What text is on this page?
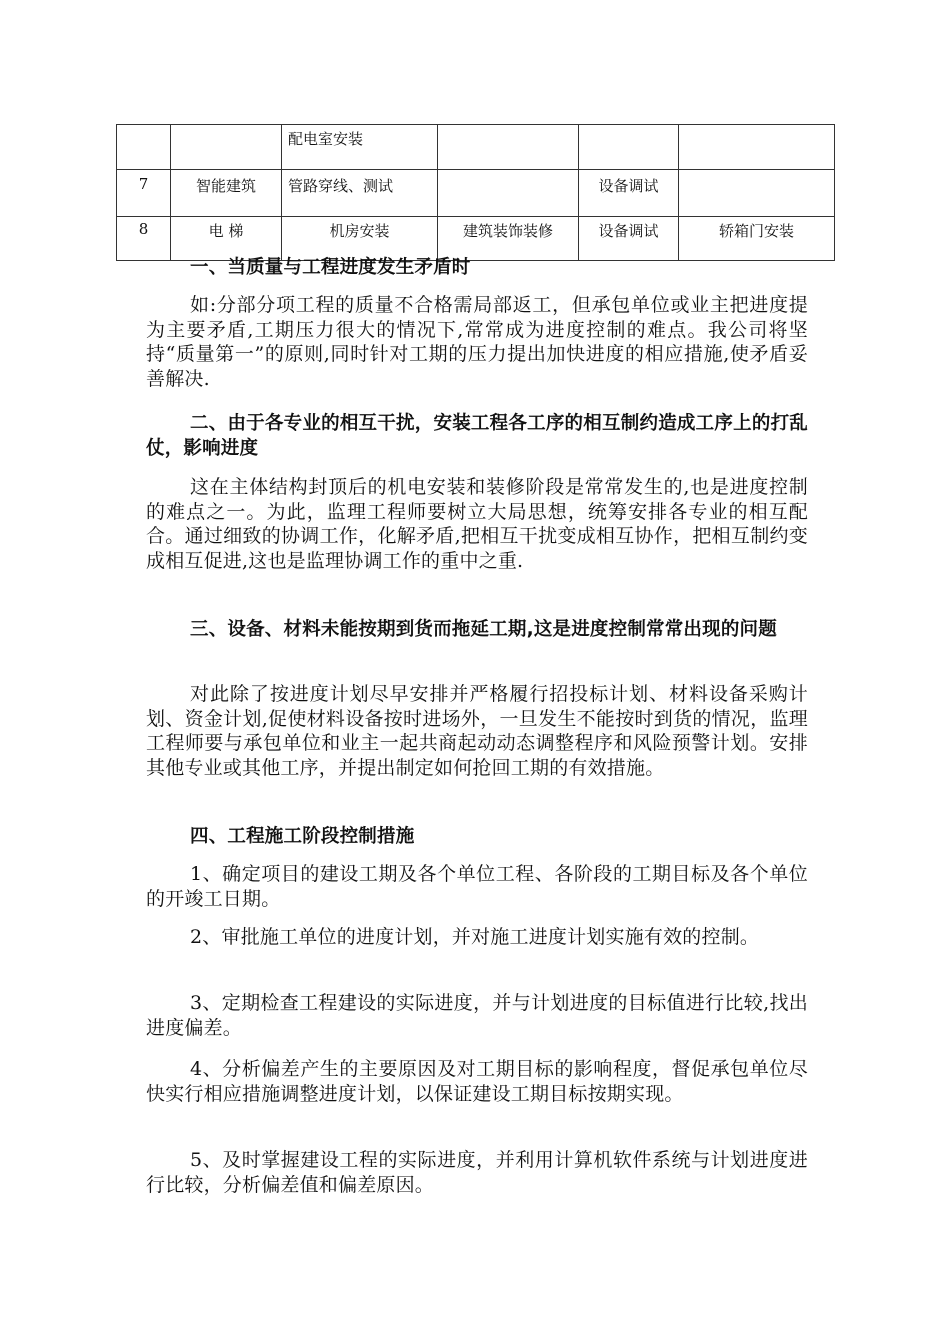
		配电室安装			
7	智能建筑	管路穿线、测试		设备调试	
8	电 梯	机房安装	建筑装饰装修	设备调试	轿箱门安装

一、当质量与工程进度发生矛盾时

如:分部分项工程的质量不合格需局部返工，但承包单位或业主把进度提为主要矛盾,工期压力很大的情况下,常常成为进度控制的难点。我公司将坚持“质量第一”的原则,同时针对工期的压力提出加快进度的相应措施,使矛盾妥善解决.

二、由于各专业的相互干扰，安装工程各工序的相互制约造成工序上的打乱仗，影响进度

这在主体结构封顶后的机电安装和装修阶段是常常发生的,也是进度控制的难点之一。为此，监理工程师要树立大局思想，统筹安排各专业的相互配合。通过细致的协调工作，化解矛盾,把相互干扰变成相互协作，把相互制约变成相互促进,这也是监理协调工作的重中之重.

三、设备、材料未能按期到货而拖延工期,这是进度控制常常出现的问题

对此除了按进度计划尽早安排并严格履行招投标计划、材料设备采购计划、资金计划,促使材料设备按时进场外，一旦发生不能按时到货的情况，监理工程师要与承包单位和业主一起共商起动动态调整程序和风险预警计划。安排其他专业或其他工序，并提出制定如何抢回工期的有效措施。

四、工程施工阶段控制措施

1、确定项目的建设工期及各个单位工程、各阶段的工期目标及各个单位的开竣工日期。

2、审批施工单位的进度计划，并对施工进度计划实施有效的控制。

3、定期检查工程建设的实际进度，并与计划进度的目标值进行比较,找出进度偏差。

4、分析偏差产生的主要原因及对工期目标的影响程度，督促承包单位尽快实行相应措施调整进度计划，以保证建设工期目标按期实现。

5、及时掌握建设工程的实际进度，并利用计算机软件系统与计划进度进行比较，分析偏差值和偏差原因。
